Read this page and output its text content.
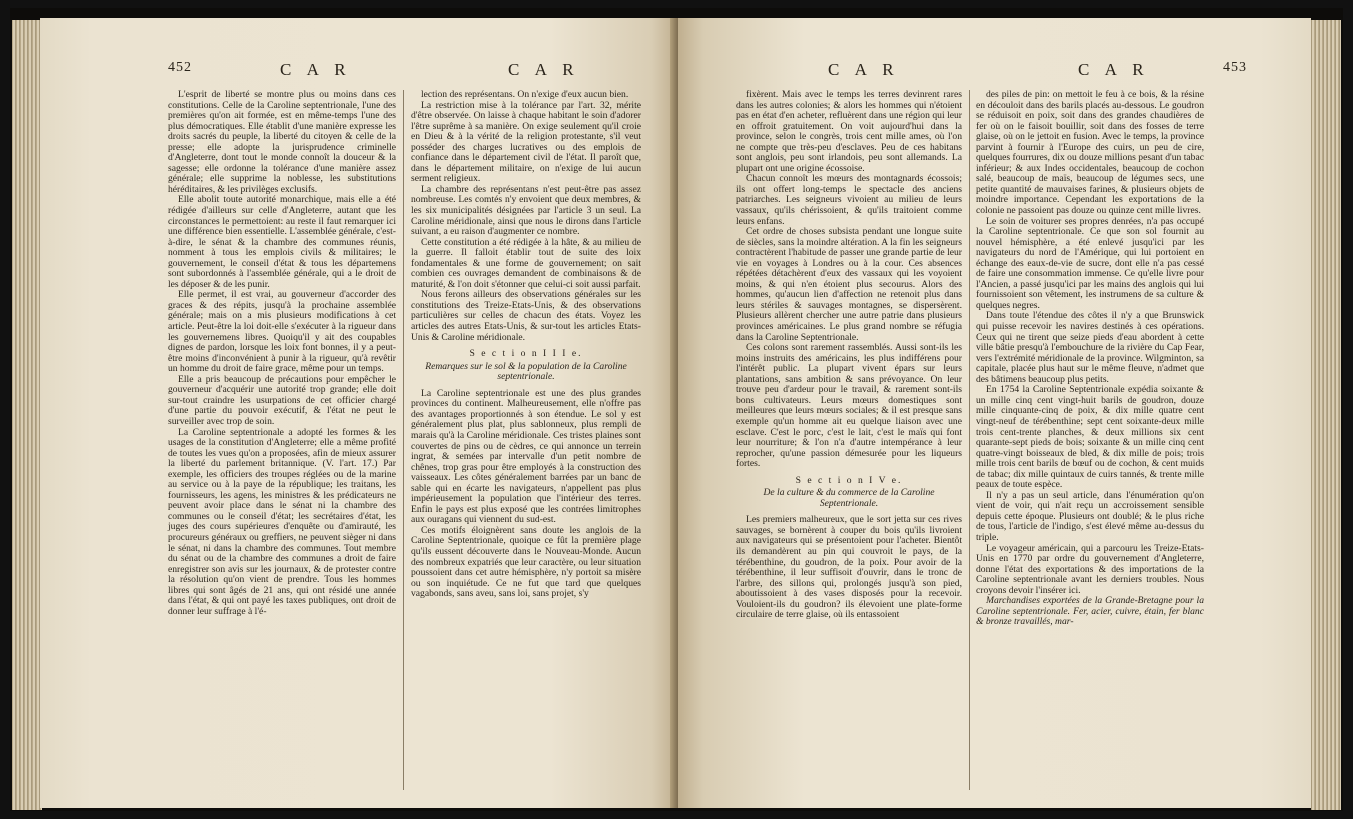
452	C A R	C A R

L'esprit de liberté se montre plus ou moins dans ces constitutions. Celle de la Caroline septentrionale, l'une des premières qu'on ait formée, est en même-temps l'une des plus démocratiques. Elle établit d'une manière expresse les droits sacrés du peuple, la liberté du citoyen & celle de la presse; elle adopte la jurisprudence criminelle d'Angleterre, dont tout le monde connoît la douceur & la sagesse; elle ordonne la tolérance d'une manière assez générale; elle supprime la noblesse, les substitutions héréditaires, & les privilèges exclusifs.

Elle abolit toute autorité monarchique, mais elle a été rédigée d'ailleurs sur celle d'Angleterre, autant que les circonstances le permettoient: au reste il faut remarquer ici une différence bien essentielle. L'assemblée générale, c'est-à-dire, le sénat & la chambre des communes réunis, nomment à tous les emplois civils & militaires; le gouvernement, le conseil d'état & tous les départemens sont subordonnés à l'assemblée générale, qui a le droit de les déposer & de les punir.

Elle permet, il est vrai, au gouverneur d'accorder des graces & des répits, jusqu'à la prochaine assemblée générale; mais on a mis plusieurs modifications à cet article. Peut-être la loi doit-elle s'exécuter à la rigueur dans les gouvernemens libres. Quoiqu'il y ait des coupables dignes de pardon, lorsque les loix font bonnes, il y a peut-être moins d'inconvénient à punir à la rigueur, qu'à revêtir un homme du droit de faire grace, même pour un temps.

Elle a pris beaucoup de précautions pour empêcher le gouverneur d'acquérir une autorité trop grande; elle doit sur-tout craindre les usurpations de cet officier chargé d'une partie du pouvoir exécutif, & l'état ne peut le surveiller avec trop de soin.

La Caroline septentrionale a adopté les formes & les usages de la constitution d'Angleterre; elle a même profité de toutes les vues qu'on a proposées, afin de mieux assurer la liberté du parlement britannique. (V. l'art. 17.) Par exemple, les officiers des troupes réglées ou de la marine au service ou à la paye de la république; les traitans, les fournisseurs, les agens, les ministres & les prédicateurs ne peuvent avoir place dans le sénat ni la chambre des communes ou le conseil d'état; les secrétaires d'état, les juges des cours supérieures d'enquête ou d'amirauté, les procureurs généraux ou greffiers, ne peuvent sièger ni dans le sénat, ni dans la chambre des communes. Tout membre du sénat ou de la chambre des communes a droit de faire enregistrer son avis sur les journaux, & de protester contre la résolution qu'on vient de prendre. Tous les hommes libres qui sont âgés de 21 ans, qui ont résidé une année dans l'état, & qui ont payé les taxes publiques, ont droit de donner leur suffrage à l'é-

lection des représentans. On n'exige d'eux aucun bien.

La restriction mise à la tolérance par l'art. 32, mérite d'être observée. On laisse à chaque habitant le soin d'adorer l'être suprême à sa manière. On exige seulement qu'il croie en Dieu & à la vérité de la religion protestante, s'il veut posséder des charges lucratives ou des emplois de confiance dans le département civil de l'état. Il paroît que, dans le département militaire, on n'exige de lui aucun serment religieux.

La chambre des représentans n'est peut-être pas assez nombreuse. Les comtés n'y envoient que deux membres, & les six municipalités désignées par l'article 3 un seul. La Caroline méridionale, ainsi que nous le dirons dans l'article suivant, a eu raison d'augmenter ce nombre.

Cette constitution a été rédigée à la hâte, & au milieu de la guerre. Il falloit établir tout de suite des loix fondamentales & une forme de gouvernement; on sait combien ces ouvrages demandent de combinaisons & de maturité, & l'on doit s'étonner que celui-ci soit aussi parfait.

Nous ferons ailleurs des observations générales sur les constitutions des Treize-Etats-Unis, & des observations particulières sur celles de chacun des états. Voyez les articles des autres Etats-Unis, & sur-tout les articles Etats-Unis & Caroline méridionale.

S e c t i o n I I I e.

Remarques sur le sol & la population de la Caroline septentrionale.

La Caroline septentrionale est une des plus grandes provinces du continent. Malheureusement, elle n'offre pas des avantages proportionnés à son étendue. Le sol y est généralement plus plat, plus sablonneux, plus rempli de marais qu'à la Caroline méridionale. Ces tristes plaines sont couvertes de pins ou de cèdres, ce qui annonce un terrein ingrat, & semées par intervalle d'un petit nombre de chênes, trop gras pour être employés à la construction des vaisseaux. Les côtes généralement barrées par un banc de sable qui en écarte les navigateurs, n'appellent pas plus impérieusement la population que l'intérieur des terres. Enfin le pays est plus exposé que les contrées limitrophes aux ouragans qui viennent du sud-est.

Ces motifs éloignèrent sans doute les anglois de la Caroline Septentrionale, quoique ce fût la première plage qu'ils eussent découverte dans le Nouveau-Monde. Aucun des nombreux expatriés que leur caractère, ou leur situation poussoient dans cet autre hémisphère, n'y portoit sa misère ou son inquiétude. Ce ne fut que tard que quelques vagabonds, sans aveu, sans loi, sans projet, s'y

C A R	C A R	453

fixèrent. Mais avec le temps les terres devinrent rares dans les autres colonies; & alors les hommes qui n'étoient pas en état d'en acheter, refluèrent dans une région qui leur en offroit gratuitement. On voit aujourd'hui dans la province, selon le congrès, trois cent mille ames, où l'on ne compte que très-peu d'esclaves. Peu de ces habitans sont anglois, peu sont irlandois, peu sont allemands. La plupart ont une origine écossoise.

Chacun connoît les mœurs des montagnards écossois; ils ont offert long-temps le spectacle des anciens patriarches. Les seigneurs vivoient au milieu de leurs vassaux, qu'ils chérissoient, & qu'ils traitoient comme leurs enfans.

Cet ordre de choses subsista pendant une longue suite de siècles, sans la moindre altération. A la fin les seigneurs contractèrent l'habitude de passer une grande partie de leur vie en voyages à Londres ou à la cour. Ces absences répétées détachèrent d'eux des vassaux qui les voyoient moins, & qui n'en étoient plus secourus. Alors des hommes, qu'aucun lien d'affection ne retenoit plus dans leurs stériles & sauvages montagnes, se dispersèrent. Plusieurs allèrent chercher une autre patrie dans plusieurs provinces américaines. Le plus grand nombre se réfugia dans la Caroline Septentrionale.

Ces colons sont rarement rassemblés. Aussi sont-ils les moins instruits des américains, les plus indifférens pour l'intérêt public. La plupart vivent épars sur leurs plantations, sans ambition & sans prévoyance. On leur trouve peu d'ardeur pour le travail, & rarement sont-ils bons cultivateurs. Leurs mœurs domestiques sont meilleures que leurs mœurs sociales; & il est presque sans exemple qu'un homme ait eu quelque liaison avec une esclave. C'est le porc, c'est le lait, c'est le maïs qui font leur nourriture; & l'on n'a d'autre intempérance à leur reprocher, qu'une passion démesurée pour les liqueurs fortes.

S e c t i o n I V e.

De la culture & du commerce de la Caroline Septentrionale.

Les premiers malheureux, que le sort jetta sur ces rives sauvages, se bornèrent à couper du bois qu'ils livroient aux navigateurs qui se présentoient pour l'acheter. Bientôt ils demandèrent au pin qui couvroit le pays, de la térébenthine, du goudron, de la poix. Pour avoir de la térébenthine, il leur suffisoit d'ouvrir, dans le tronc de l'arbre, des sillons qui, prolongés jusqu'à son pied, aboutissoient à des vases disposés pour la recevoir. Vouloient-ils du goudron? ils élevoient une plate-forme circulaire de terre glaise, où ils entassoient

des piles de pin: on mettoit le feu à ce bois, & la résine en découloit dans des barils placés au-dessous. Le goudron se réduisoit en poix, soit dans des grandes chaudières de fer où on le faisoit bouillir, soit dans des fosses de terre glaise, où on le jettoit en fusion. Avec le temps, la province parvint à fournir à l'Europe des cuirs, un peu de cire, quelques fourrures, dix ou douze millions pesant d'un tabac inférieur; & aux Indes occidentales, beaucoup de cochon salé, beaucoup de maïs, beaucoup de légumes secs, une petite quantité de mauvaises farines, & plusieurs objets de moindre importance. Cependant les exportations de la colonie ne passoient pas douze ou quinze cent mille livres.

Le soin de voiturer ses propres denrées, n'a pas occupé la Caroline septentrionale. Ce que son sol fournit au nouvel hémisphère, a été enlevé jusqu'ici par les navigateurs du nord de l'Amérique, qui lui portoient en échange des eaux-de-vie de sucre, dont elle n'a pas cessé de faire une consommation immense. Ce qu'elle livre pour l'Ancien, a passé jusqu'ici par les mains des anglois qui lui fournissoient son vêtement, les instrumens de sa culture & quelques negres.

Dans toute l'étendue des côtes il n'y a que Brunswick qui puisse recevoir les navires destinés à ces opérations. Ceux qui ne tirent que seize pieds d'eau abordent à cette ville bâtie presqu'à l'embouchure de la rivière du Cap Fear, vers l'extrémité méridionale de la province. Wilgminton, sa capitale, placée plus haut sur le même fleuve, n'admet que des bâtimens beaucoup plus petits.

En 1754 la Caroline Septentrionale expédia soixante & un mille cinq cent vingt-huit barils de goudron, douze mille cinquante-cinq de poix, & dix mille quatre cent vingt-neuf de térébenthine; sept cent soixante-deux mille trois cent-trente planches, & deux millions six cent quarante-sept pieds de bois; soixante & un mille cinq cent quatre-vingt boisseaux de bled, & dix mille de pois; trois mille trois cent barils de bœuf ou de cochon, & cent muids de tabac; dix mille quintaux de cuirs tannés, & trente mille peaux de toute espèce.

Il n'y a pas un seul article, dans l'énumération qu'on vient de voir, qui n'ait reçu un accroissement sensible depuis cette époque. Plusieurs ont doublé; & le plus riche de tous, l'article de l'indigo, s'est élevé même au-dessus du triple.

Le voyageur américain, qui a parcouru les Treize-Etats-Unis en 1770 par ordre du gouvernement d'Angleterre, donne l'état des exportations & des importations de la Caroline septentrionale avant les derniers troubles. Nous croyons devoir l'insérer ici.

Marchandises exportées de la Grande-Bretagne pour la Caroline septentrionale. Fer, acier, cuivre, étain, fer blanc & bronze travaillés, mar-
